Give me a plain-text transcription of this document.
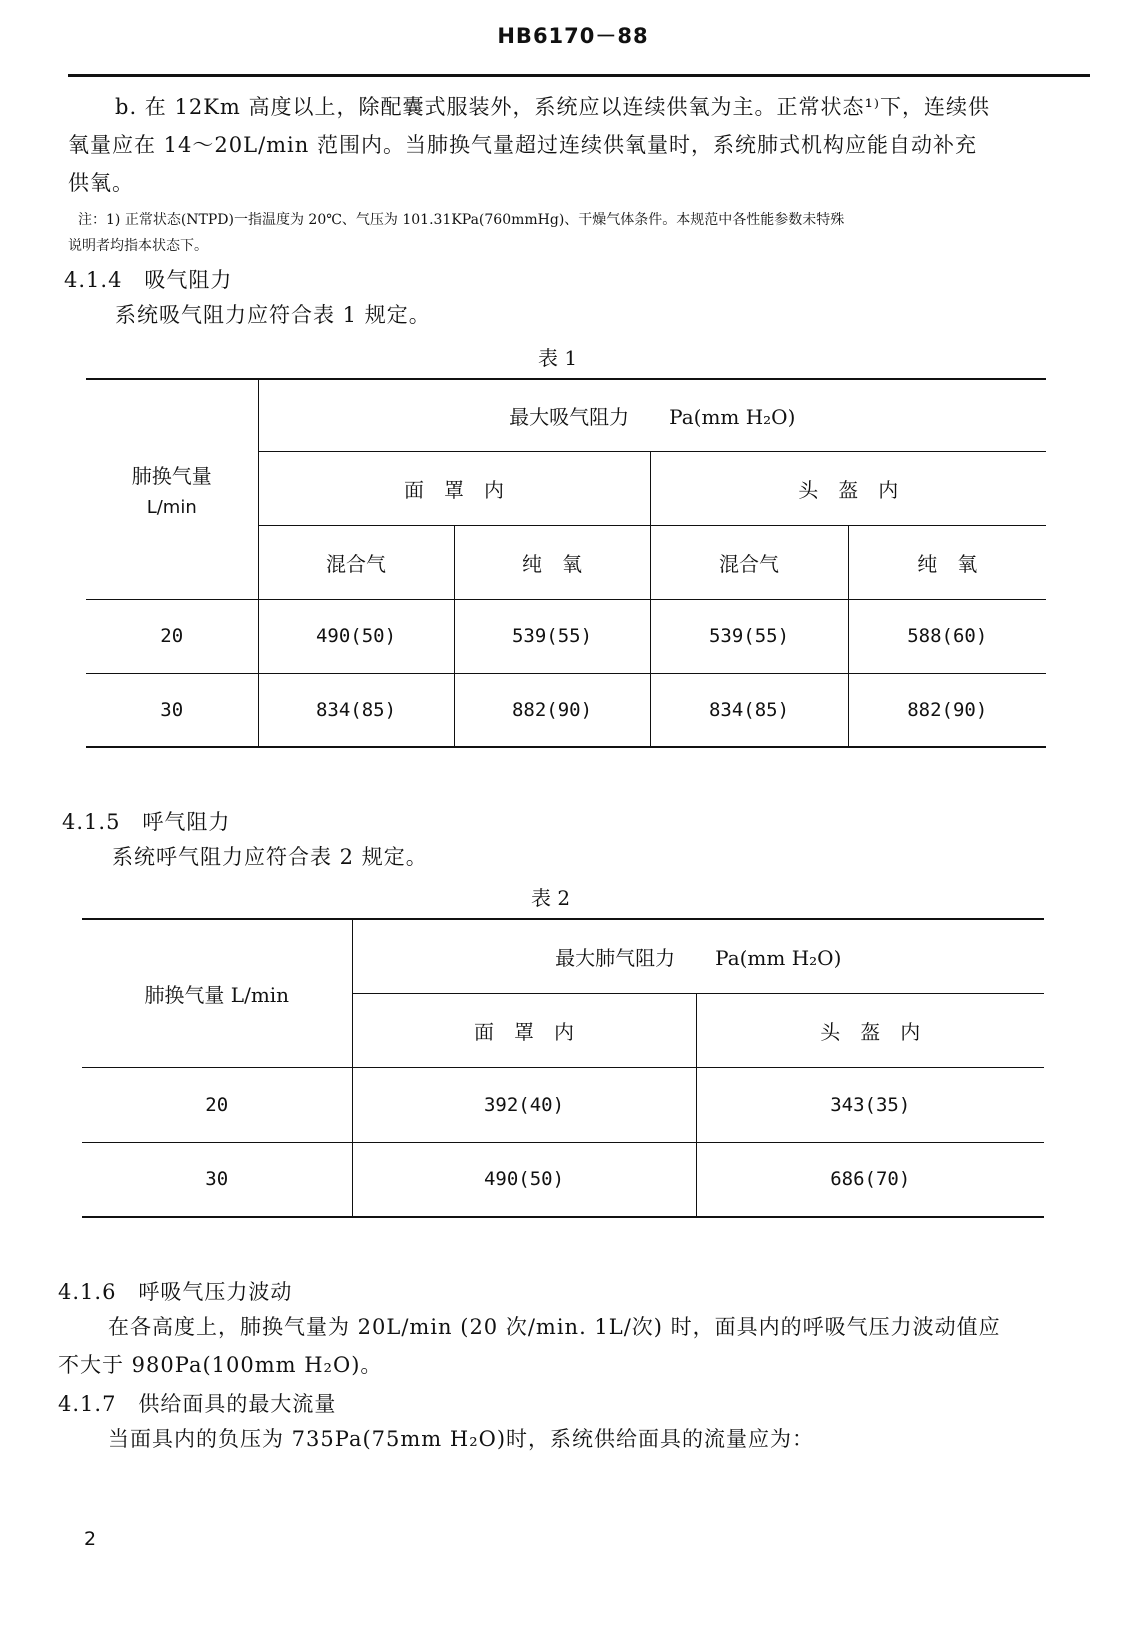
HB6170－88
b. 在 12Km 高度以上，除配囊式服装外，系统应以连续供氧为主。正常状态¹⁾下，连续供
氧量应在 14～20L/min 范围内。当肺换气量超过连续供氧量时，系统肺式机构应能自动补充
供氧。
注：1) 正常状态(NTPD)一指温度为 20℃、气压为 101.31KPa(760mmHg)、干燥气体条件。本规范中各性能参数未特殊
说明者均指本状态下。
4.1.4　吸气阻力
系统吸气阻力应符合表 1 规定。
表 1
肺换气量
L/min	最大吸气阻力　　Pa(mm H₂O)			
	面　罩　内		头　盔　内	
	混合气	纯　氧	混合气	纯　氧
20	490(50)	539(55)	539(55)	588(60)
30	834(85)	882(90)	834(85)	882(90)
4.1.5　呼气阻力
系统呼气阻力应符合表 2 规定。
表 2
肺换气量 L/min	最大肺气阻力　　Pa(mm H₂O)	
	面　罩　内	头　盔　内
20	392(40)	343(35)
30	490(50)	686(70)
4.1.6　呼吸气压力波动
在各高度上，肺换气量为 20L/min (20 次/min. 1L/次) 时，面具内的呼吸气压力波动值应
不大于 980Pa(100mm H₂O)。
4.1.7　供给面具的最大流量
当面具内的负压为 735Pa(75mm H₂O)时，系统供给面具的流量应为：
2
